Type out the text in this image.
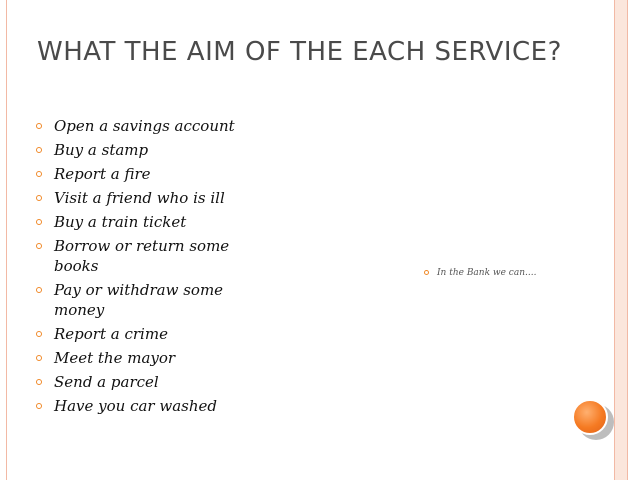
WHAT THE AIM OF THE EACH SERVICE?
Open a savings account
Buy a stamp
Report a fire
Visit a friend who is ill
Buy a train ticket
Borrow or return some books
Pay or withdraw some money
Report a crime
Meet the mayor
Send a parcel
Have you car washed
In the Bank we can....
